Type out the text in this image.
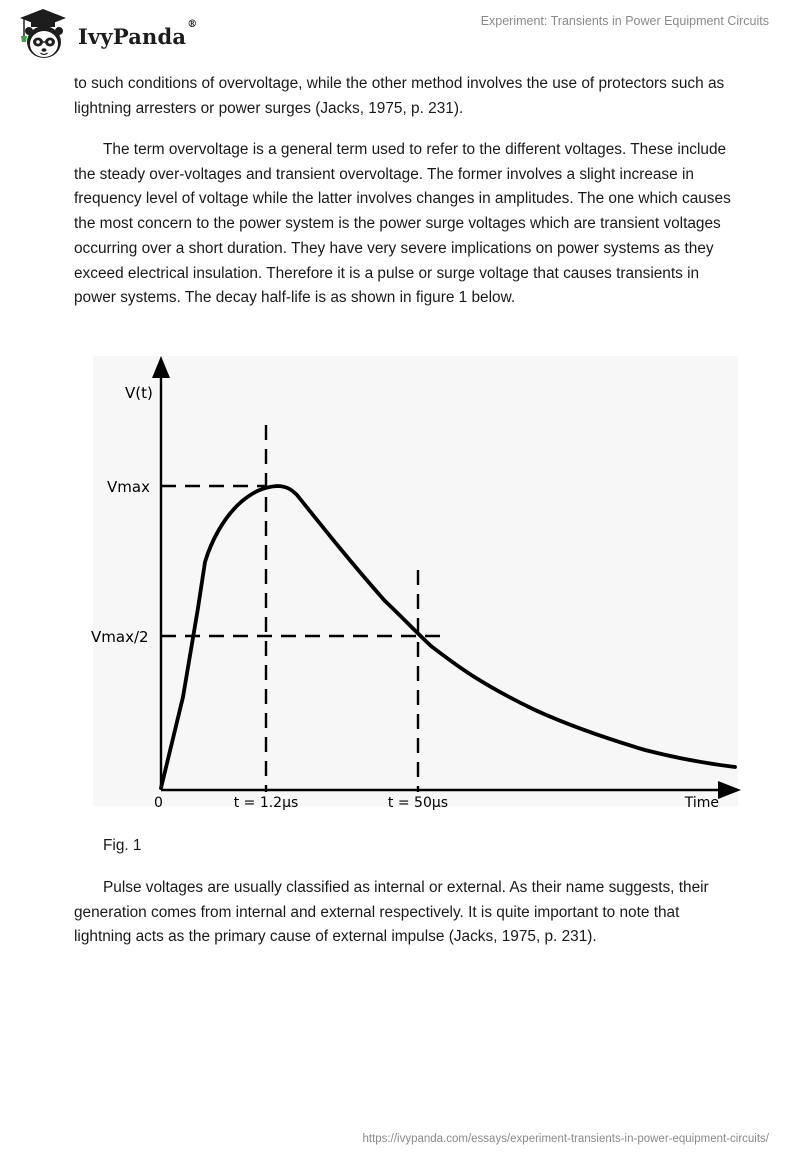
IvyPanda®	Experiment: Transients in Power Equipment Circuits

to such conditions of overvoltage, while the other method involves the use of protectors such as lightning arresters or power surges (Jacks, 1975, p. 231).

The term overvoltage is a general term used to refer to the different voltages. These include the steady over-voltages and transient overvoltage. The former involves a slight increase in frequency level of voltage while the latter involves changes in amplitudes. The one which causes the most concern to the power system is the power surge voltages which are transient voltages occurring over a short duration. They have very severe implications on power systems as they exceed electrical insulation. Therefore it is a pulse or surge voltage that causes transients in power systems. The decay half-life is as shown in figure 1 below.

V(t)
Vmax
Vmax/2
0	t = 1.2µs	t = 50µs	Time
Fig. 1

Pulse voltages are usually classified as internal or external. As their name suggests, their generation comes from internal and external respectively. It is quite important to note that lightning acts as the primary cause of external impulse (Jacks, 1975, p. 231).

https://ivypanda.com/essays/experiment-transients-in-power-equipment-circuits/
